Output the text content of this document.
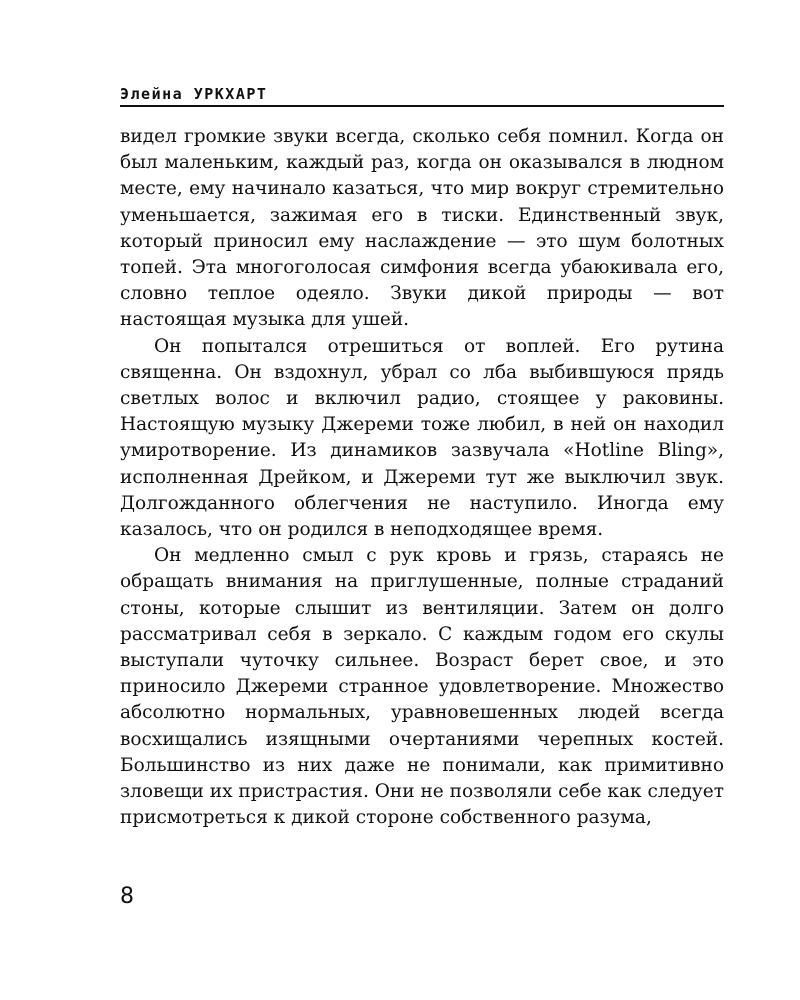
Элейна УРКХАРТ

видел громкие звуки всегда, сколько себя помнил. Когда он был маленьким, каждый раз, когда он оказывался в людном месте, ему начинало казаться, что мир вокруг стремительно уменьшается, зажимая его в тиски. Единственный звук, который приносил ему наслаждение — это шум болотных топей. Эта многоголосая симфония всегда убаюкивала его, словно теплое одеяло. Звуки дикой природы — вот настоящая музыка для ушей.

Он попытался отрешиться от воплей. Его рутина священна. Он вздохнул, убрал со лба выбившуюся прядь светлых волос и включил радио, стоящее у раковины. Настоящую музыку Джереми тоже любил, в ней он находил умиротворение. Из динамиков зазвучала «Hotline Bling», исполненная Дрейком, и Джереми тут же выключил звук. Долгожданного облегчения не наступило. Иногда ему казалось, что он родился в неподходящее время.

Он медленно смыл с рук кровь и грязь, стараясь не обращать внимания на приглушенные, полные страданий стоны, которые слышит из вентиляции. Затем он долго рассматривал себя в зеркало. С каждым годом его скулы выступали чуточку сильнее. Возраст берет свое, и это приносило Джереми странное удовлетворение. Множество абсолютно нормальных, уравновешенных людей всегда восхищались изящными очертаниями черепных костей. Большинство из них даже не понимали, как примитивно зловещи их пристрастия. Они не позволяли себе как следует присмотреться к дикой стороне собственного разума,

8
